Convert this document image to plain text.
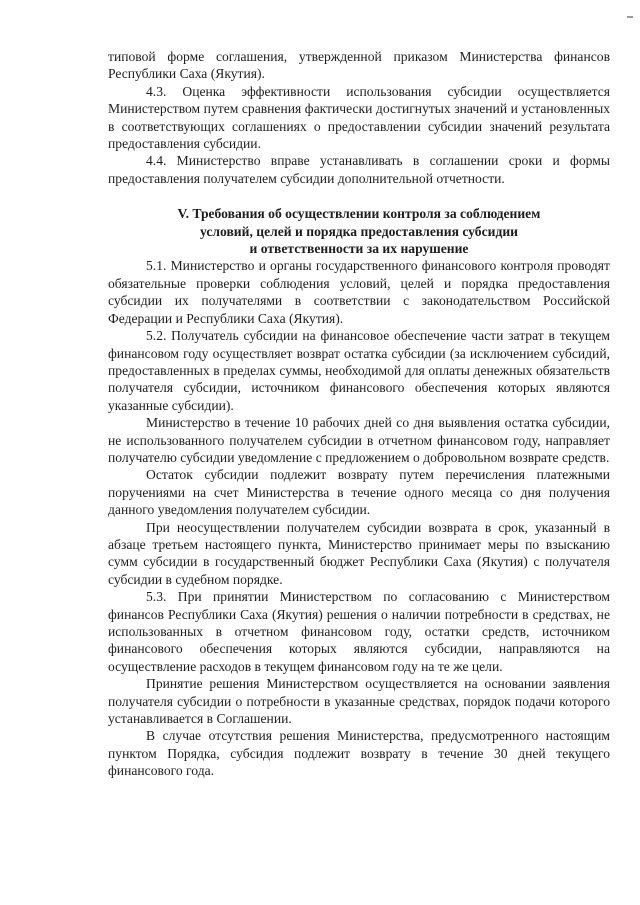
типовой форме соглашения, утвержденной приказом Министерства финансов Республики Саха (Якутия).

4.3. Оценка эффективности использования субсидии осуществляется Министерством путем сравнения фактически достигнутых значений и установленных в соответствующих соглашениях о предоставлении субсидии значений результата предоставления субсидии.

4.4. Министерство вправе устанавливать в соглашении сроки и формы предоставления получателем субсидии дополнительной отчетности.

V. Требования об осуществлении контроля за соблюдением
условий, целей и порядка предоставления субсидии
и ответственности за их нарушение

5.1. Министерство и органы государственного финансового контроля проводят обязательные проверки соблюдения условий, целей и порядка предоставления субсидии их получателями в соответствии с законодательством Российской Федерации и Республики Саха (Якутия).

5.2. Получатель субсидии на финансовое обеспечение части затрат в текущем финансовом году осуществляет возврат остатка субсидии (за исключением субсидий, предоставленных в пределах суммы, необходимой для оплаты денежных обязательств получателя субсидии, источником финансового обеспечения которых являются указанные субсидии).

Министерство в течение 10 рабочих дней со дня выявления остатка субсидии, не использованного получателем субсидии в отчетном финансовом году, направляет получателю субсидии уведомление с предложением о добровольном возврате средств.

Остаток субсидии подлежит возврату путем перечисления платежными поручениями на счет Министерства в течение одного месяца со дня получения данного уведомления получателем субсидии.

При неосуществлении получателем субсидии возврата в срок, указанный в абзаце третьем настоящего пункта, Министерство принимает меры по взысканию сумм субсидии в государственный бюджет Республики Саха (Якутия) с получателя субсидии в судебном порядке.

5.3. При принятии Министерством по согласованию с Министерством финансов Республики Саха (Якутия) решения о наличии потребности в средствах, не использованных в отчетном финансовом году, остатки средств, источником финансового обеспечения которых являются субсидии, направляются на осуществление расходов в текущем финансовом году на те же цели.

Принятие решения Министерством осуществляется на основании заявления получателя субсидии о потребности в указанные средствах, порядок подачи которого устанавливается в Соглашении.

В случае отсутствия решения Министерства, предусмотренного настоящим пунктом Порядка, субсидия подлежит возврату в течение 30 дней текущего финансового года.
